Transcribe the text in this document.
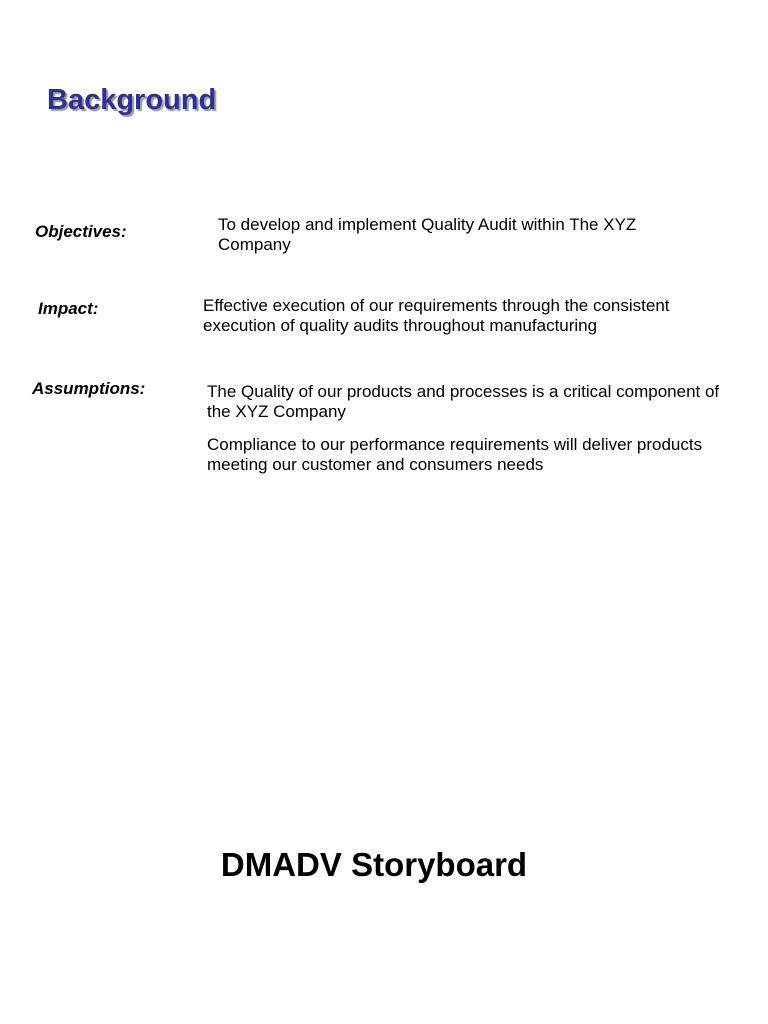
Background
Objectives:	To develop and implement Quality Audit within The XYZ Company

Impact:	Effective execution of our requirements through the consistent execution of quality audits throughout manufacturing

Assumptions:	The Quality of our products and processes is a critical component of the XYZ Company

Compliance to our performance requirements will deliver products meeting our customer and consumers needs

DMADV Storyboard
